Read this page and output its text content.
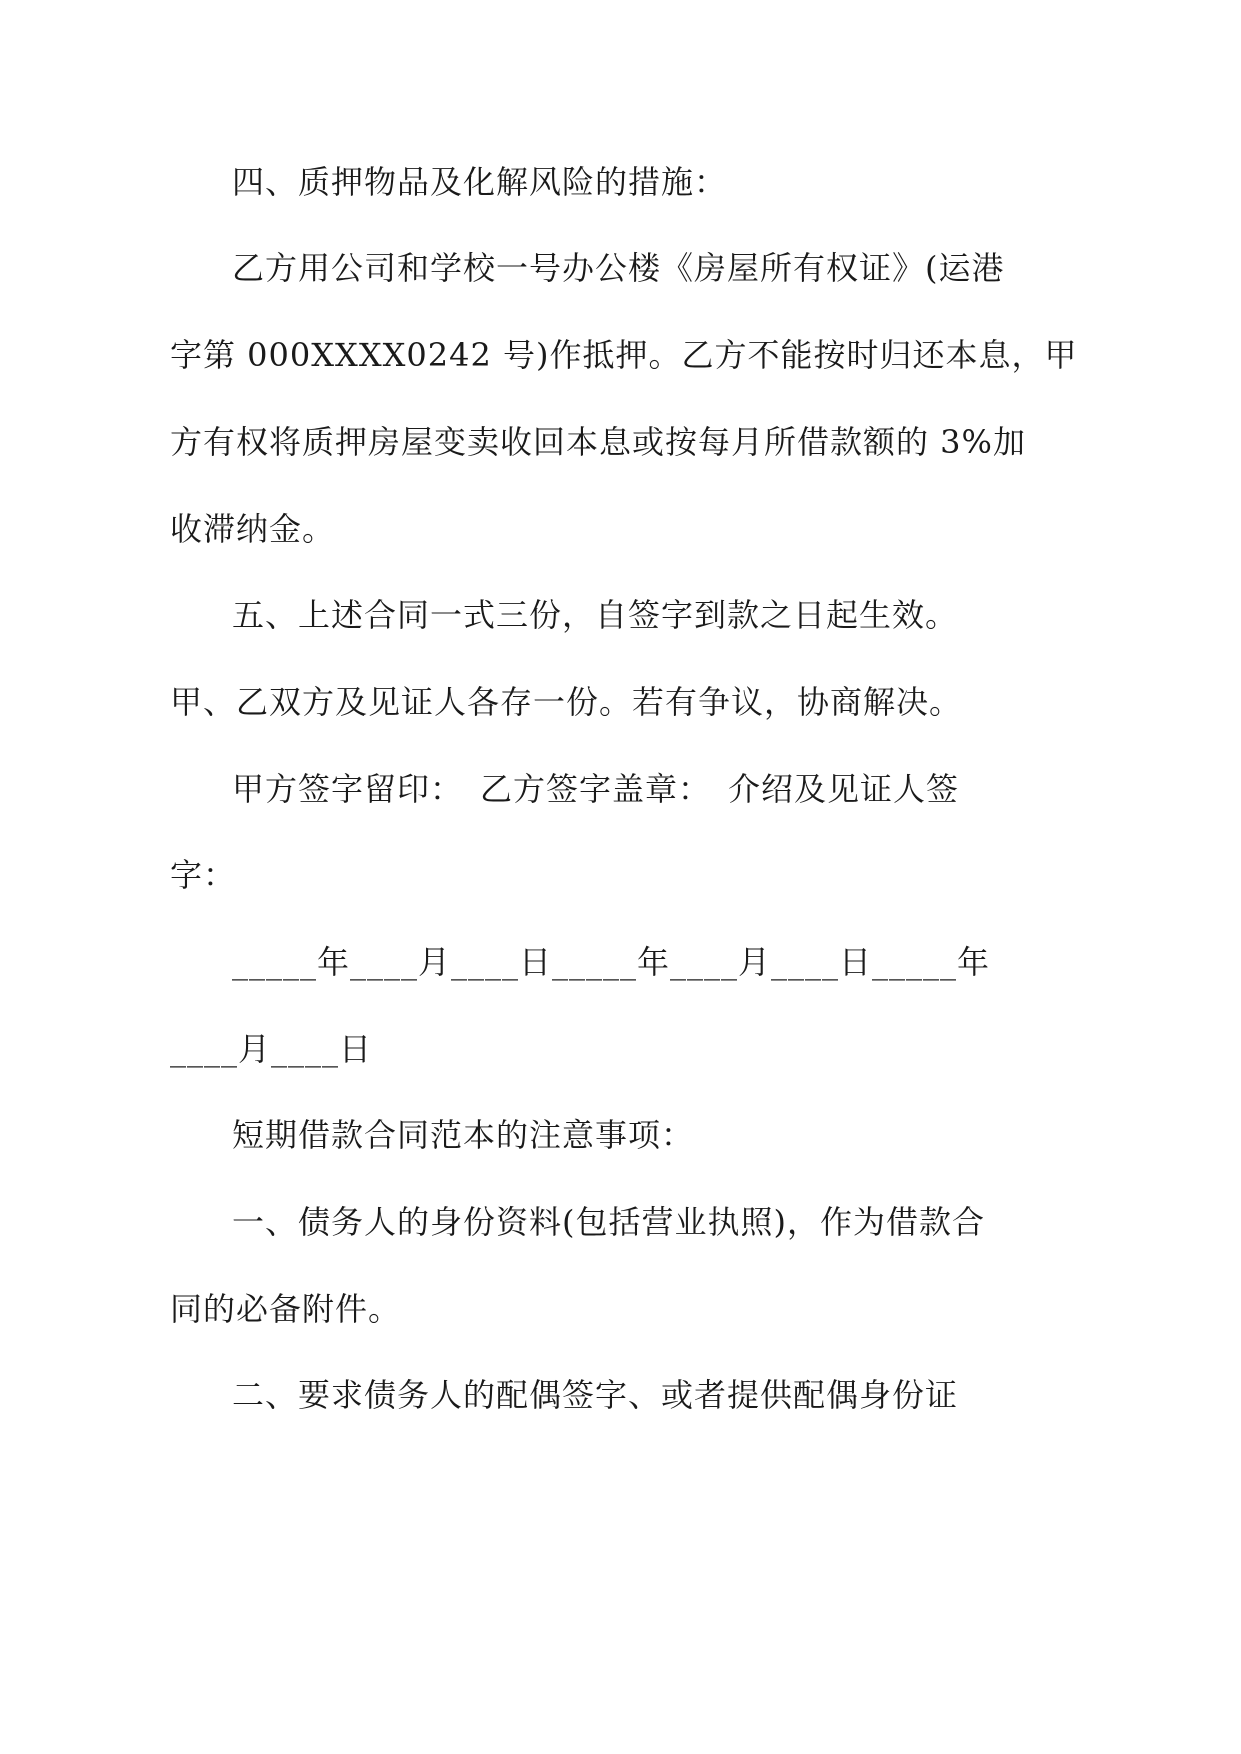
四、质押物品及化解风险的措施：
乙方用公司和学校一号办公楼《房屋所有权证》(运港
字第 000XXXX0242 号)作抵押。乙方不能按时归还本息，甲
方有权将质押房屋变卖收回本息或按每月所借款额的 3%加
收滞纳金。
五、上述合同一式三份，自签字到款之日起生效。
甲、乙双方及见证人各存一份。若有争议，协商解决。
甲方签字留印：　乙方签字盖章：　介绍及见证人签
字：
_____年____月____日_____年____月____日_____年
____月____日
短期借款合同范本的注意事项：
一、债务人的身份资料(包括营业执照)，作为借款合
同的必备附件。
二、要求债务人的配偶签字、或者提供配偶身份证
